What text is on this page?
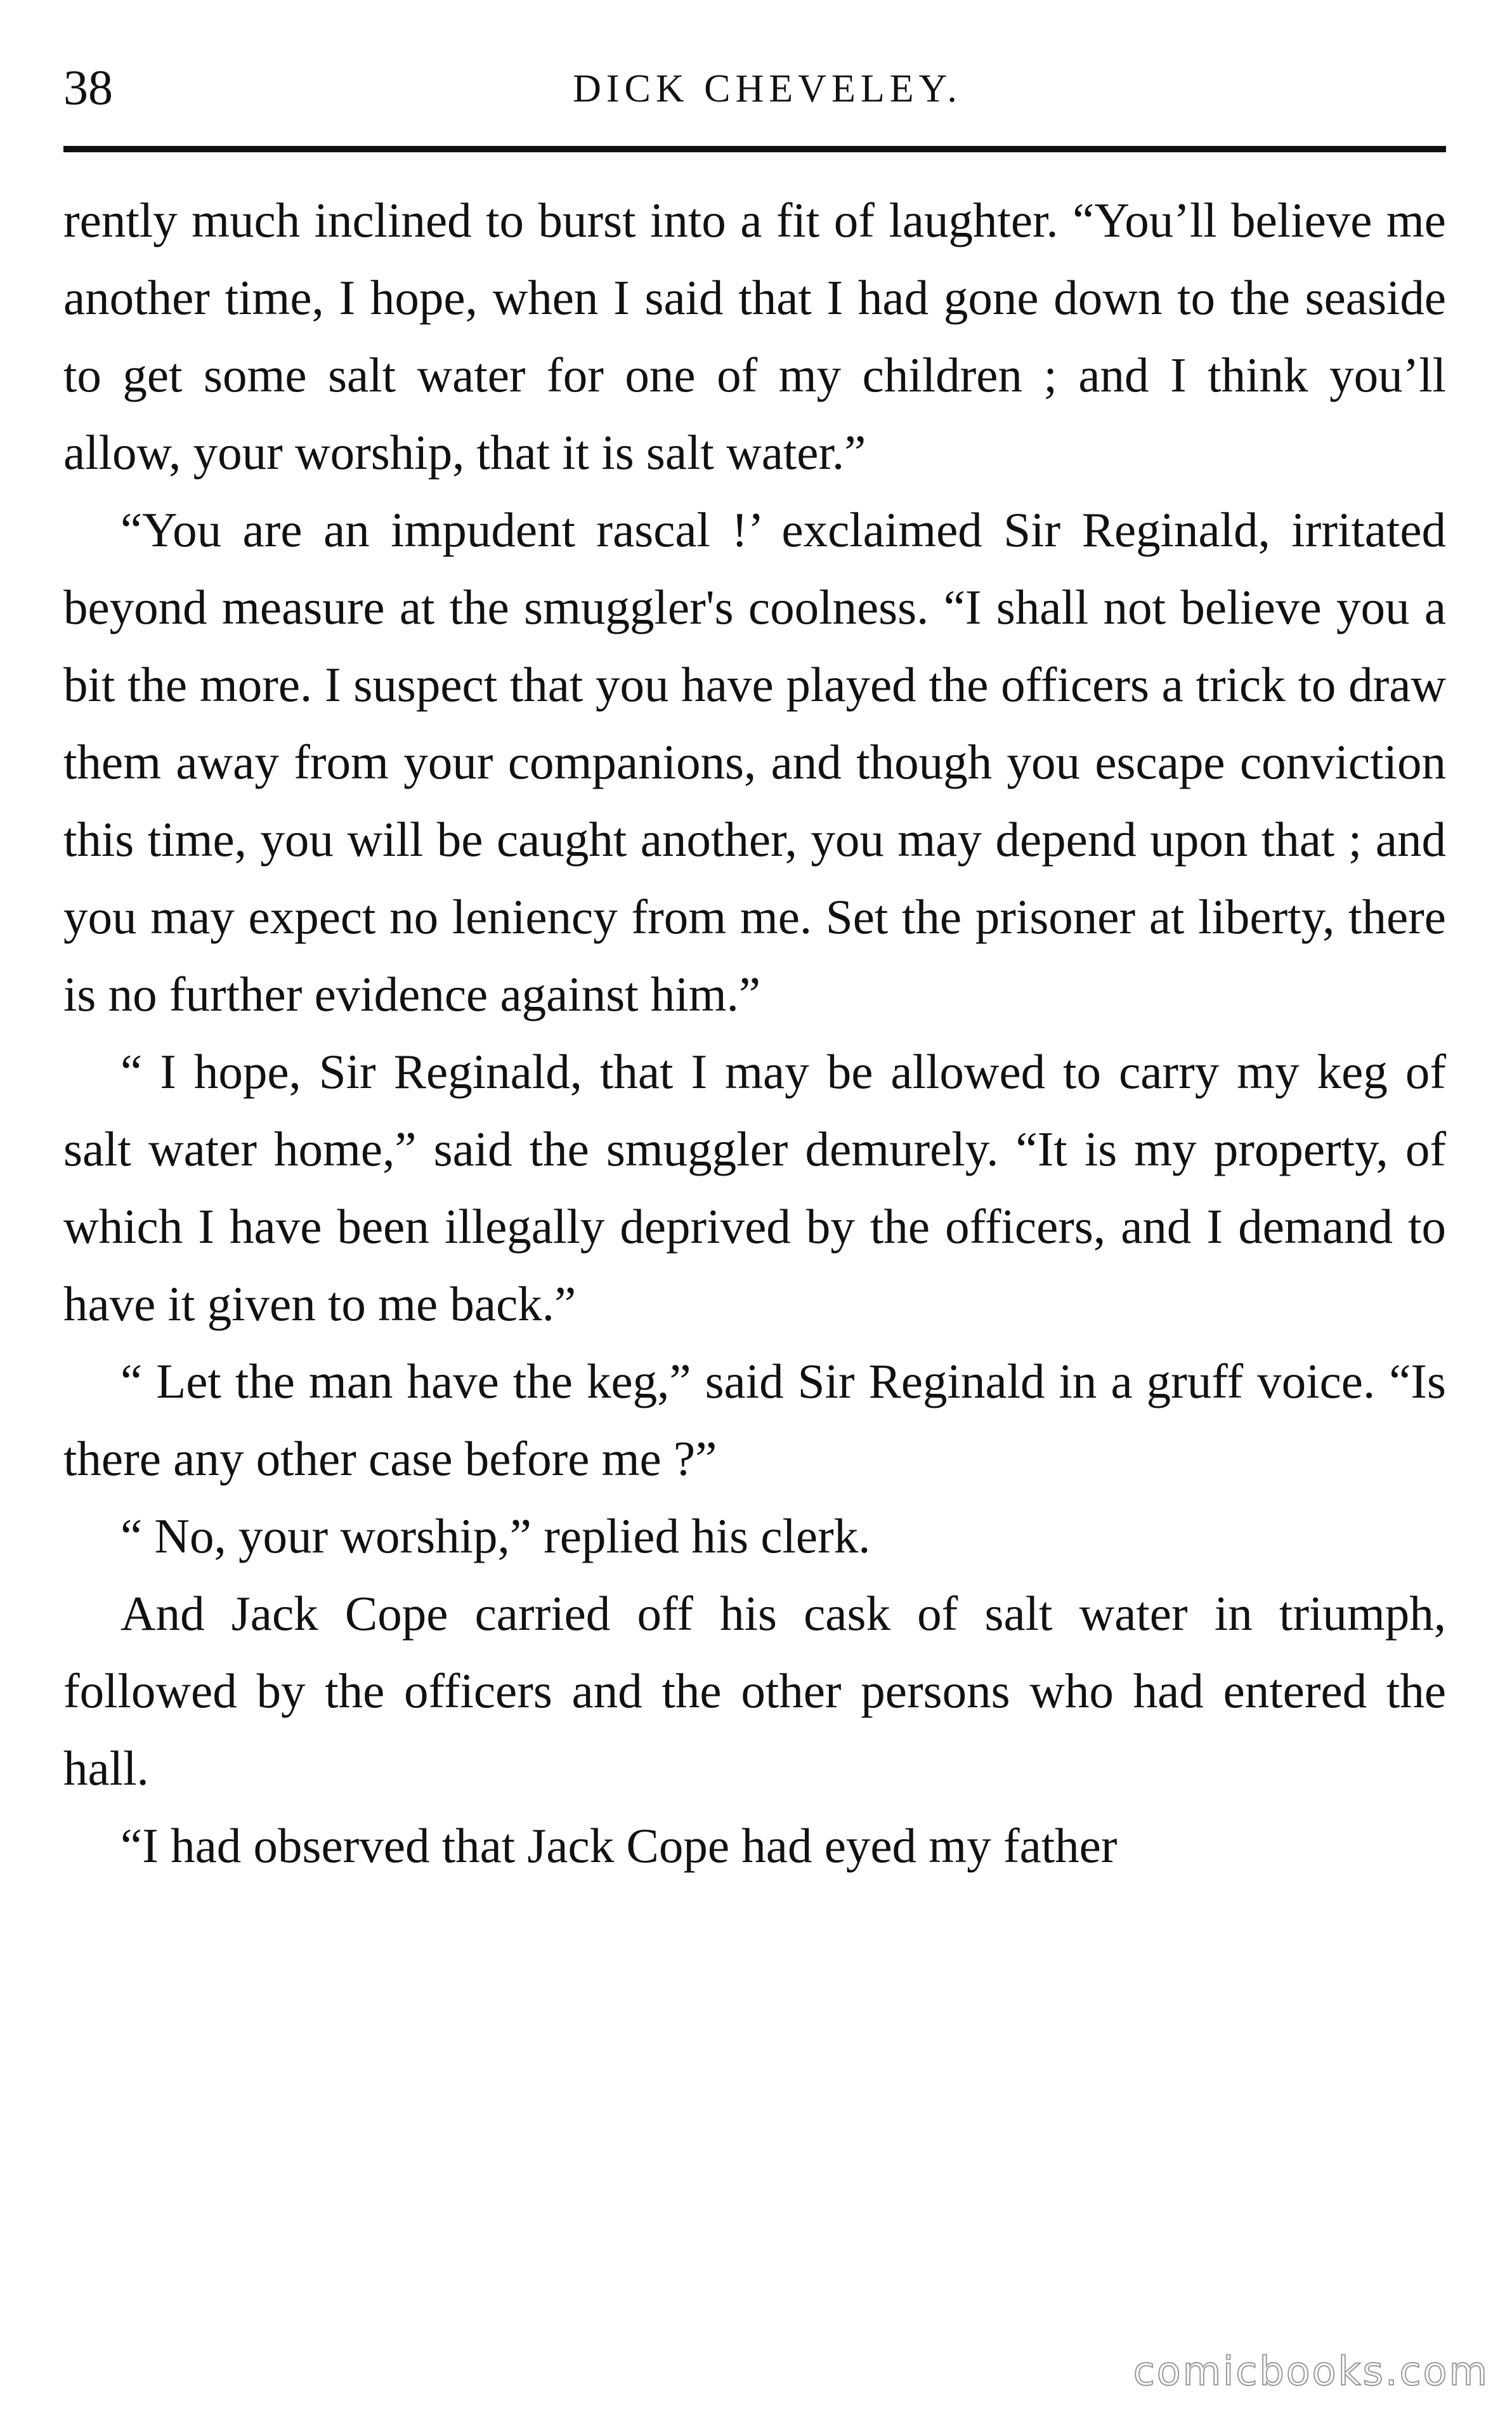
38	DICK CHEVELEY.

rently much inclined to burst into a fit of laughter. “You’ll believe me another time, I hope, when I said that I had gone down to the seaside to get some salt water for one of my children ; and I think you’ll allow, your worship, that it is salt water.”

“You are an impudent rascal !’ exclaimed Sir Reginald, irritated beyond measure at the smuggler's coolness. “I shall not believe you a bit the more. I suspect that you have played the officers a trick to draw them away from your companions, and though you escape conviction this time, you will be caught another, you may depend upon that ; and you may expect no leniency from me. Set the prisoner at liberty, there is no further evidence against him.”

“ I hope, Sir Reginald, that I may be allowed to carry my keg of salt water home,” said the smuggler demurely. “It is my property, of which I have been illegally deprived by the officers, and I demand to have it given to me back.”

“ Let the man have the keg,” said Sir Reginald in a gruff voice. “Is there any other case before me ?”

“ No, your worship,” replied his clerk.

And Jack Cope carried off his cask of salt water in triumph, followed by the officers and the other persons who had entered the hall.

“I had observed that Jack Cope had eyed my father

comicbooks.com
